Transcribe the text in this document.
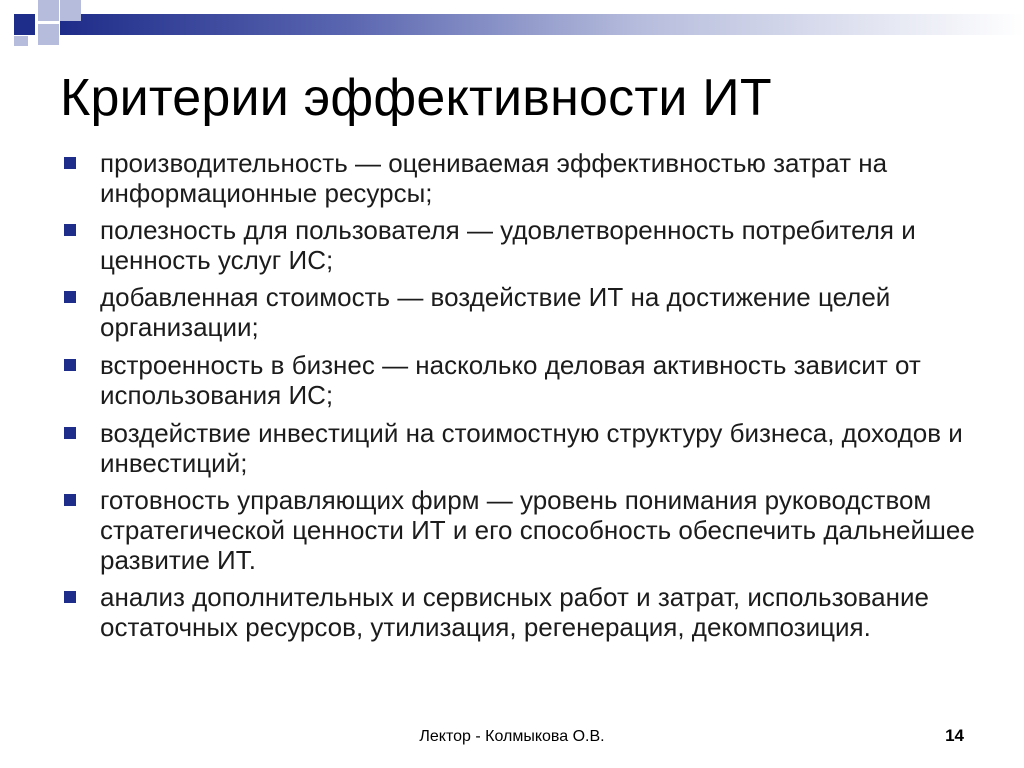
Критерии эффективности ИТ
производительность — оцениваемая эффективностью затрат на информационные ресурсы;
полезность для пользователя — удовлетворенность потребителя и ценность услуг ИС;
добавленная стоимость — воздействие ИТ на достижение целей организации;
встроенность в бизнес — насколько деловая активность зависит от использования ИС;
воздействие инвестиций на стоимостную структуру бизнеса, доходов и инвестиций;
готовность управляющих фирм — уровень понимания руководством стратегической ценности ИТ и его способность обеспечить дальнейшее развитие ИТ.
анализ дополнительных и сервисных работ и затрат, использование остаточных ресурсов, утилизация, регенерация, декомпозиция.
Лектор - Колмыкова О.В.	14
